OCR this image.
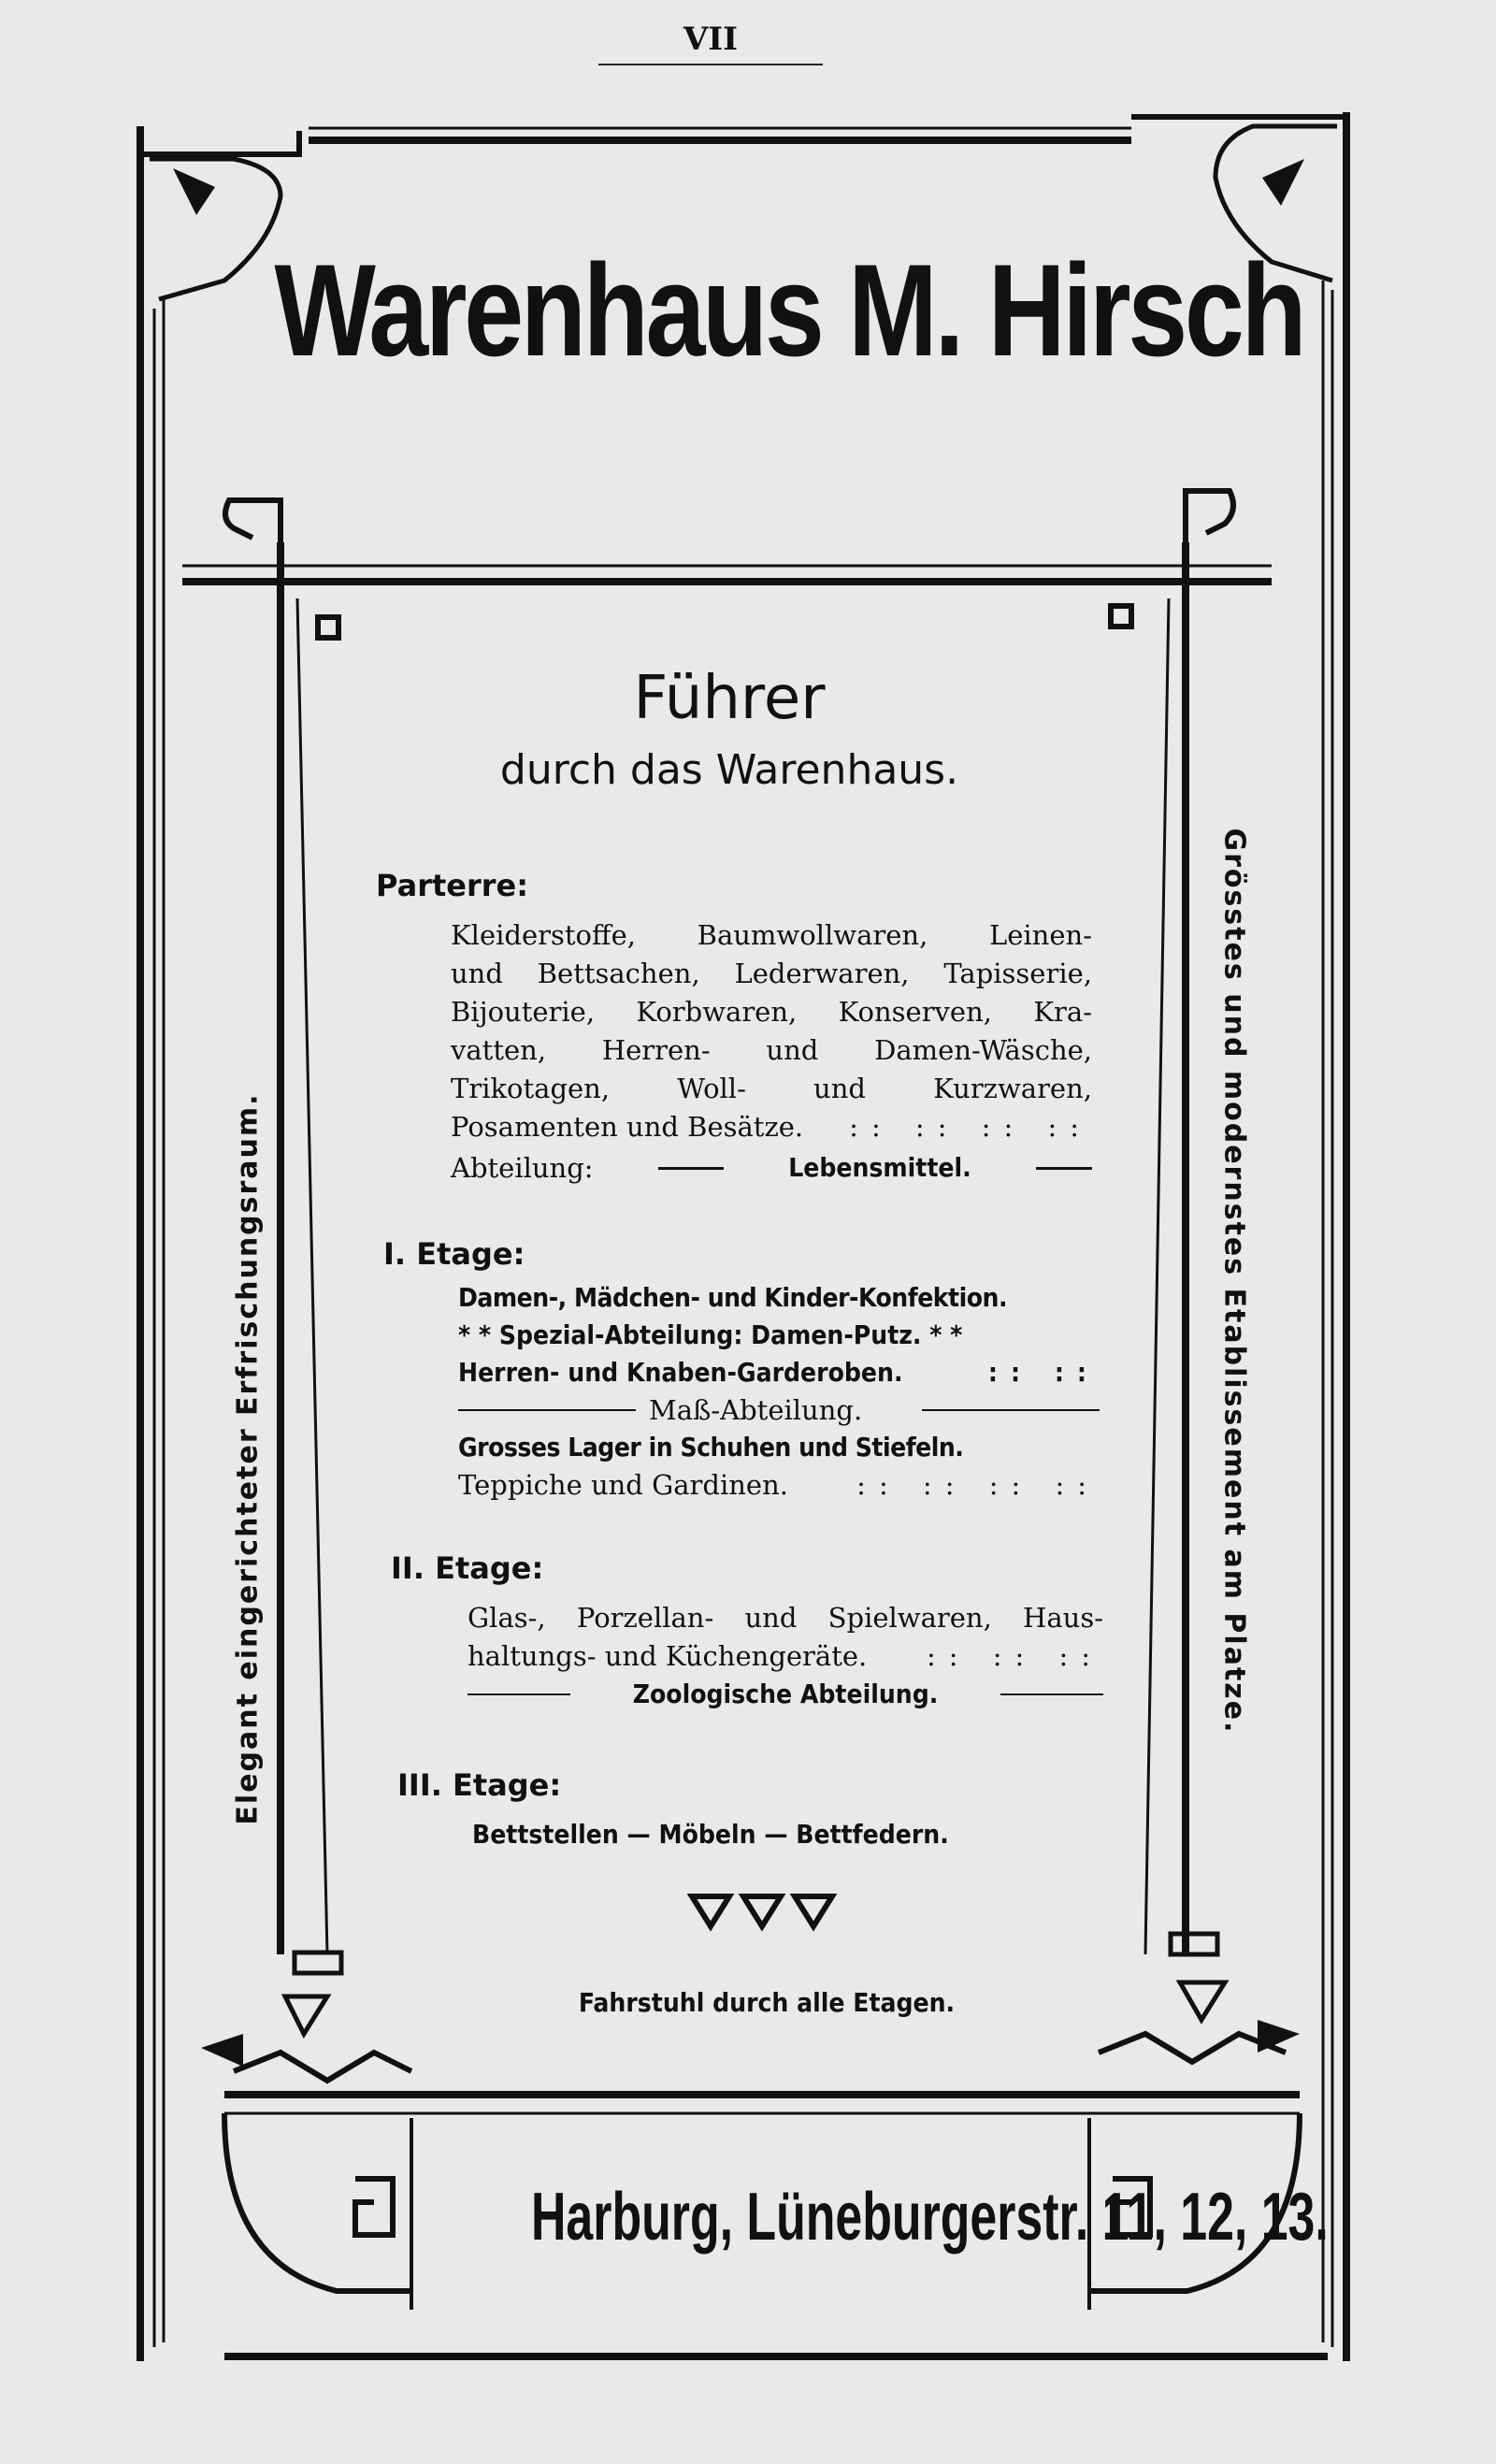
VII
Warenhaus M. Hirsch
Elegant eingerichteter Erfrischungsraum.	Grösstes und modernstes Etablissement am Platze.
Führer
durch das Warenhaus.
Parterre:
Kleiderstoffe, Baumwollwaren, Leinen-
und Bettsachen, Lederwaren, Tapisserie,
Bijouterie, Korbwaren, Konserven, Kra-
vatten, Herren- und Damen-Wäsche,
Trikotagen, Woll- und Kurzwaren,
Posamenten und Besätze. :: :: :: ::
Abteilung:	Lebensmittel.
I. Etage:
Damen-, Mädchen- und Kinder-Konfektion.
* * Spezial-Abteilung: Damen-Putz. * *
Herren- und Knaben-Garderoben.	:: ::
Maß-Abteilung.
Grosses Lager in Schuhen und Stiefeln.
Teppiche und Gardinen.	:: :: :: ::
II. Etage:
Glas-, Porzellan- und Spielwaren, Haus-
haltungs- und Küchengeräte. :: :: ::
Zoologische Abteilung.
III. Etage:
Bettstellen — Möbeln — Bettfedern.
Fahrstuhl durch alle Etagen.
Harburg, Lüneburgerstr. 11, 12, 13.
